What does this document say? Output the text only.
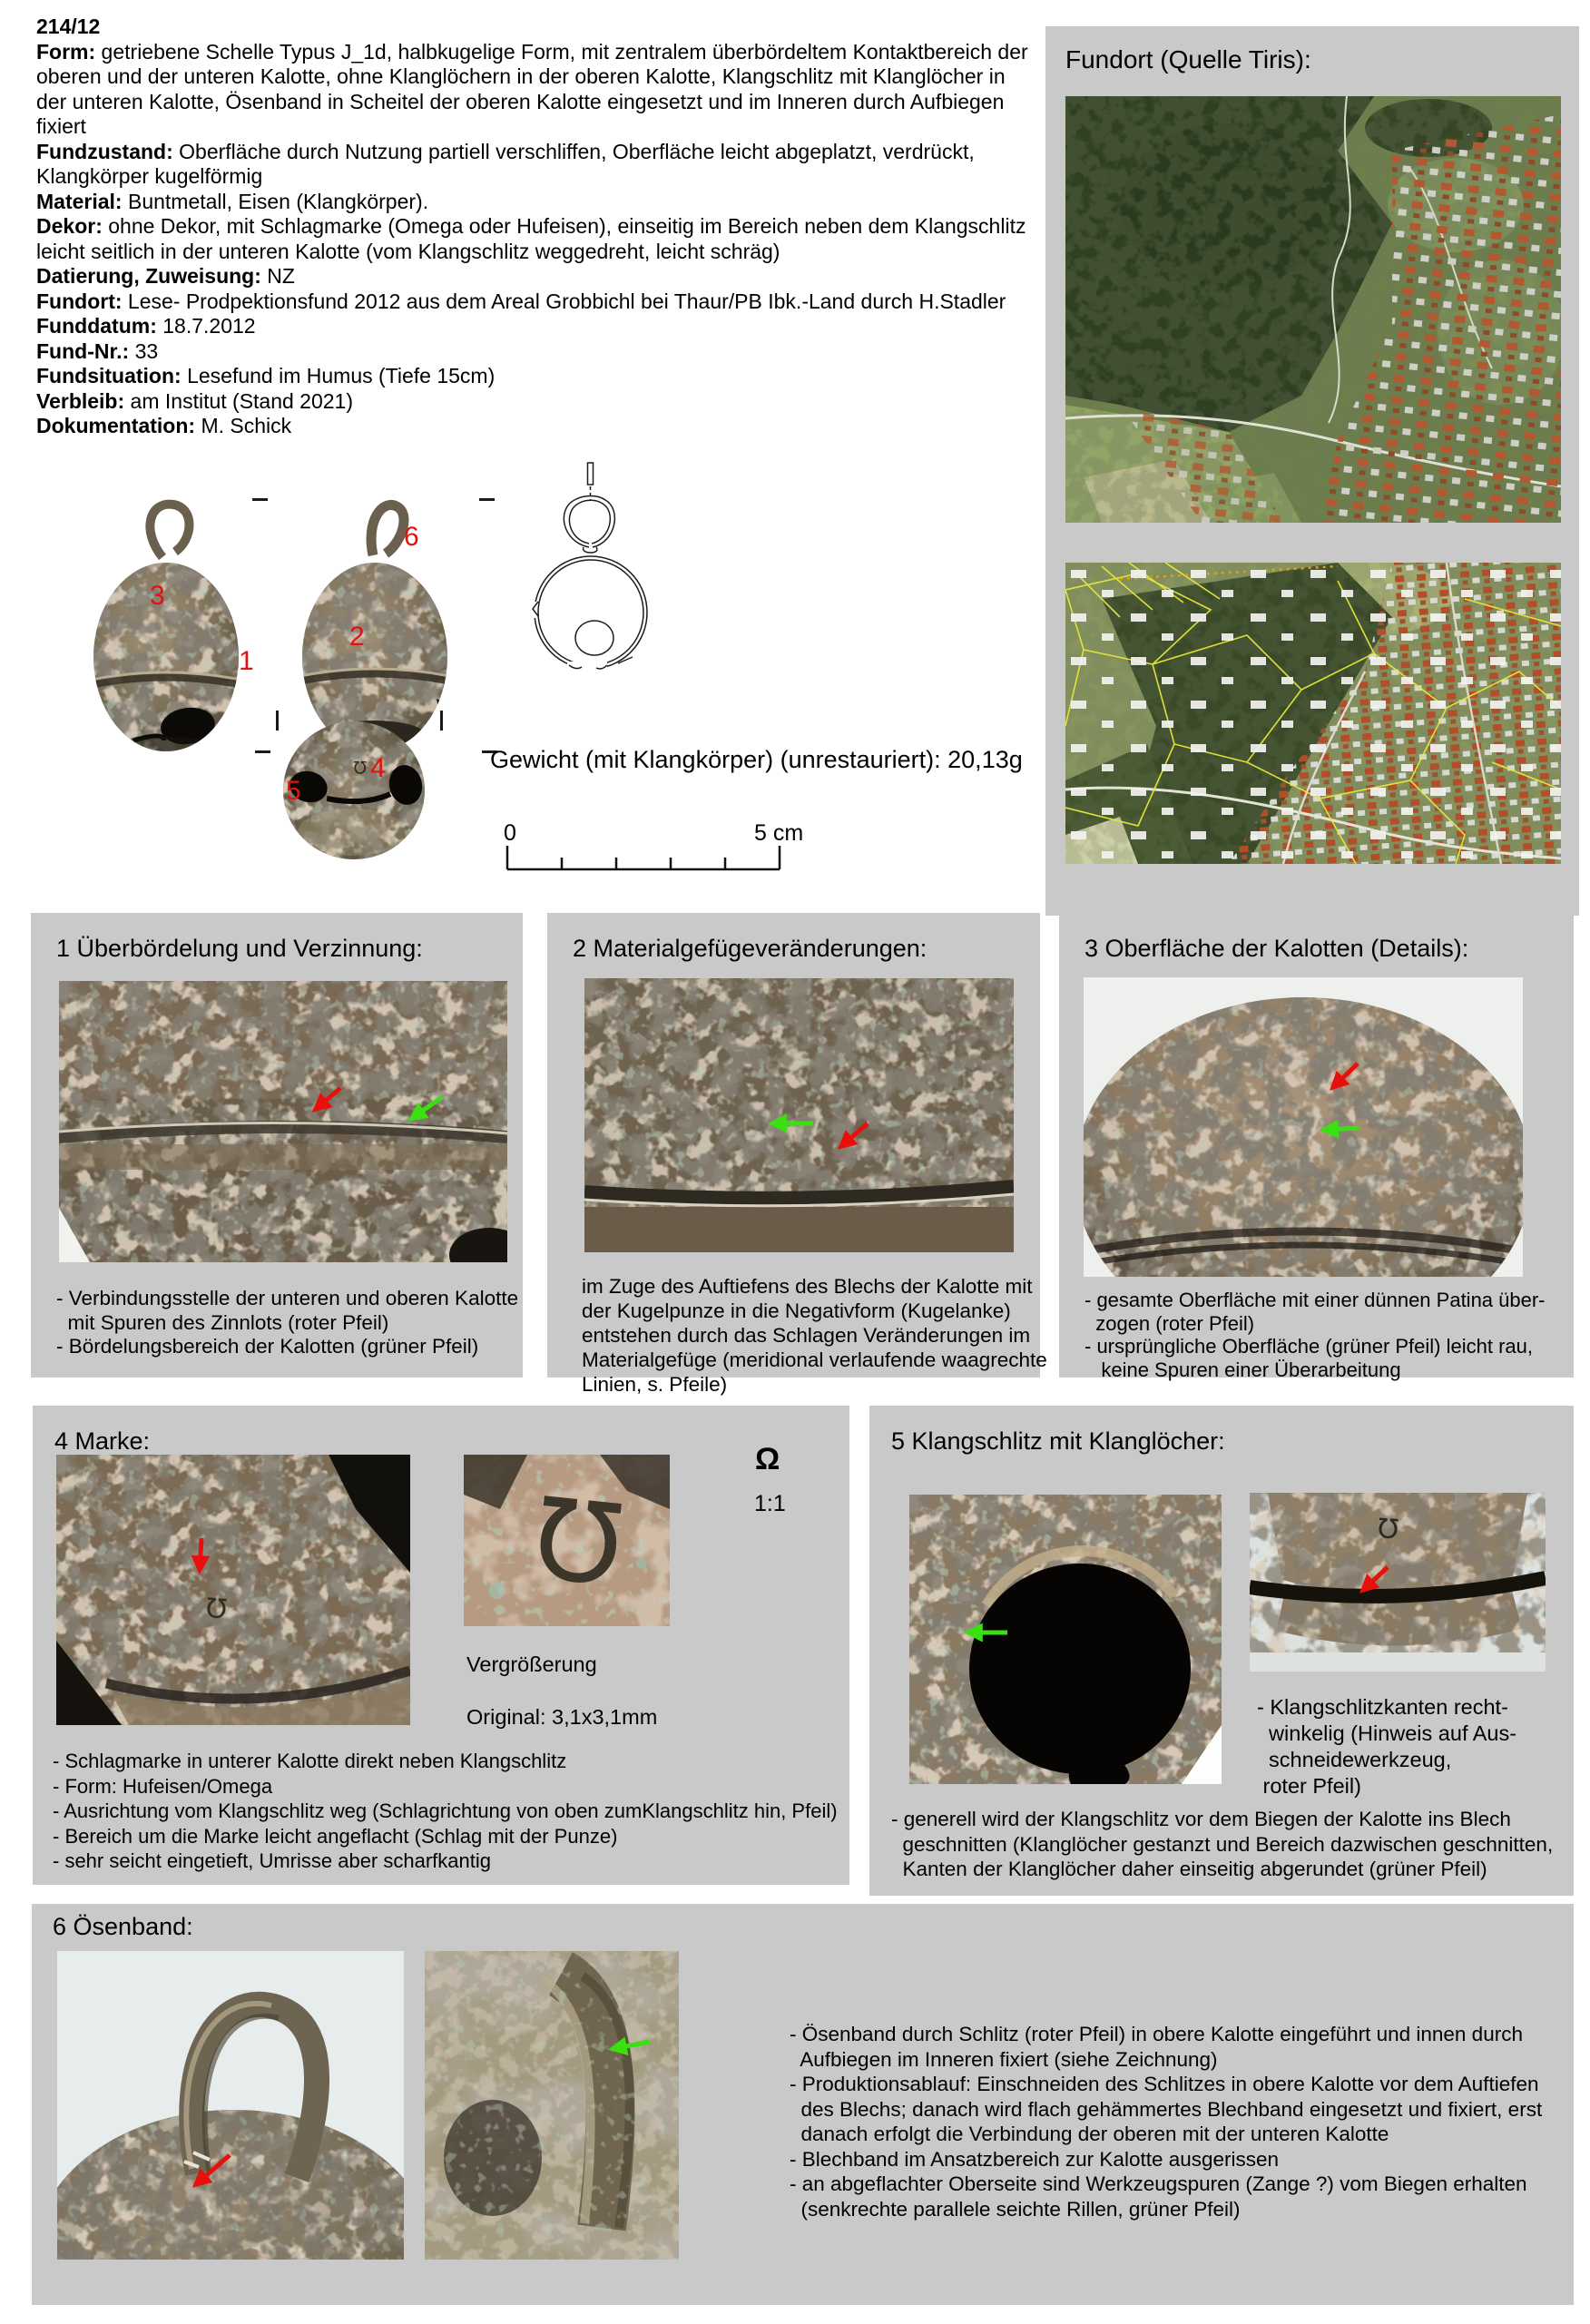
214/12

Form: getriebene Schelle Typus J_1d, halbkugelige Form, mit zentralem überbördeltem Kontaktbereich der oberen und der unteren Kalotte, ohne Klanglöchern in der oberen Kalotte, Klangschlitz mit Klanglöcher in der unteren Kalotte, Ösenband in Scheitel der oberen Kalotte eingesetzt und im Inneren durch Aufbiegen fixiert

Fundzustand: Oberfläche durch Nutzung partiell verschliffen, Oberfläche leicht abgeplatzt, verdrückt, Klangkörper kugelförmig

Material: Buntmetall, Eisen (Klangkörper).

Dekor: ohne Dekor, mit Schlagmarke (Omega oder Hufeisen), einseitig im Bereich neben dem Klangschlitz leicht seitlich in der unteren Kalotte (vom Klangschlitz weggedreht, leicht schräg)

Datierung, Zuweisung: NZ

Fundort: Lese- Prodpektionsfund 2012 aus dem Areal Grobbichl bei Thaur/PB Ibk.-Land durch H.Stadler

Funddatum: 18.7.2012

Fund-Nr.: 33

Fundsituation: Lesefund im Humus (Tiefe 15cm)

Verbleib: am Institut (Stand 2021)

Dokumentation: M. Schick

Fundort (Quelle Tiris):
3
1
6
2
5
4	Gewicht (mit Klangkörper) (unrestauriert): 20,13g
0	5 cm
1 Überbördelung und Verzinnung:
- Verbindungsstelle der unteren und oberen Kalotte
mit Spuren des Zinnlots (roter Pfeil)
- Bördelungsbereich der Kalotten (grüner Pfeil)
2 Materialgefügeveränderungen:
im Zuge des Auftiefens des Blechs der Kalotte mit
der Kugelpunze in die Negativform (Kugelanke)
entstehen durch das Schlagen Veränderungen im
Materialgefüge (meridional verlaufende waagrechte
Linien, s. Pfeile)
3 Oberfläche der Kalotten (Details):
- gesamte Oberfläche mit einer dünnen Patina über-
zogen (roter Pfeil)
- ursprüngliche Oberfläche (grüner Pfeil) leicht rau,
keine Spuren einer Überarbeitung
4 Marke:
Ω	Ω
Ω
1:1
Vergrößerung
Original: 3,1x3,1mm
- Schlagmarke in unterer Kalotte direkt neben Klangschlitz
- Form: Hufeisen/Omega
- Ausrichtung vom Klangschlitz weg (Schlagrichtung von oben zumKlangschlitz hin, Pfeil)
- Bereich um die Marke leicht angeflacht (Schlag mit der Punze)
- sehr seicht eingetieft, Umrisse aber scharfkantig
5 Klangschlitz mit Klanglöcher:
Ω
- Klangschlitzkanten recht-
winkelig (Hinweis auf Aus-
schneidewerkzeug,
roter Pfeil)
- generell wird der Klangschlitz vor dem Biegen der Kalotte ins Blech
geschnitten (Klanglöcher gestanzt und Bereich dazwischen geschnitten,
Kanten der Klanglöcher daher einseitig abgerundet (grüner Pfeil)
6 Ösenband:
- Ösenband durch Schlitz (roter Pfeil) in obere Kalotte eingeführt und innen durch
Aufbiegen im Inneren fixiert (siehe Zeichnung)
- Produktionsablauf: Einschneiden des Schlitzes in obere Kalotte vor dem Auftiefen
des Blechs; danach wird flach gehämmertes Blechband eingesetzt und fixiert, erst
danach erfolgt die Verbindung der oberen mit der unteren Kalotte
- Blechband im Ansatzbereich zur Kalotte ausgerissen
- an abgeflachter Oberseite sind Werkzeugspuren (Zange ?) vom Biegen erhalten
(senkrechte parallele seichte Rillen, grüner Pfeil)
